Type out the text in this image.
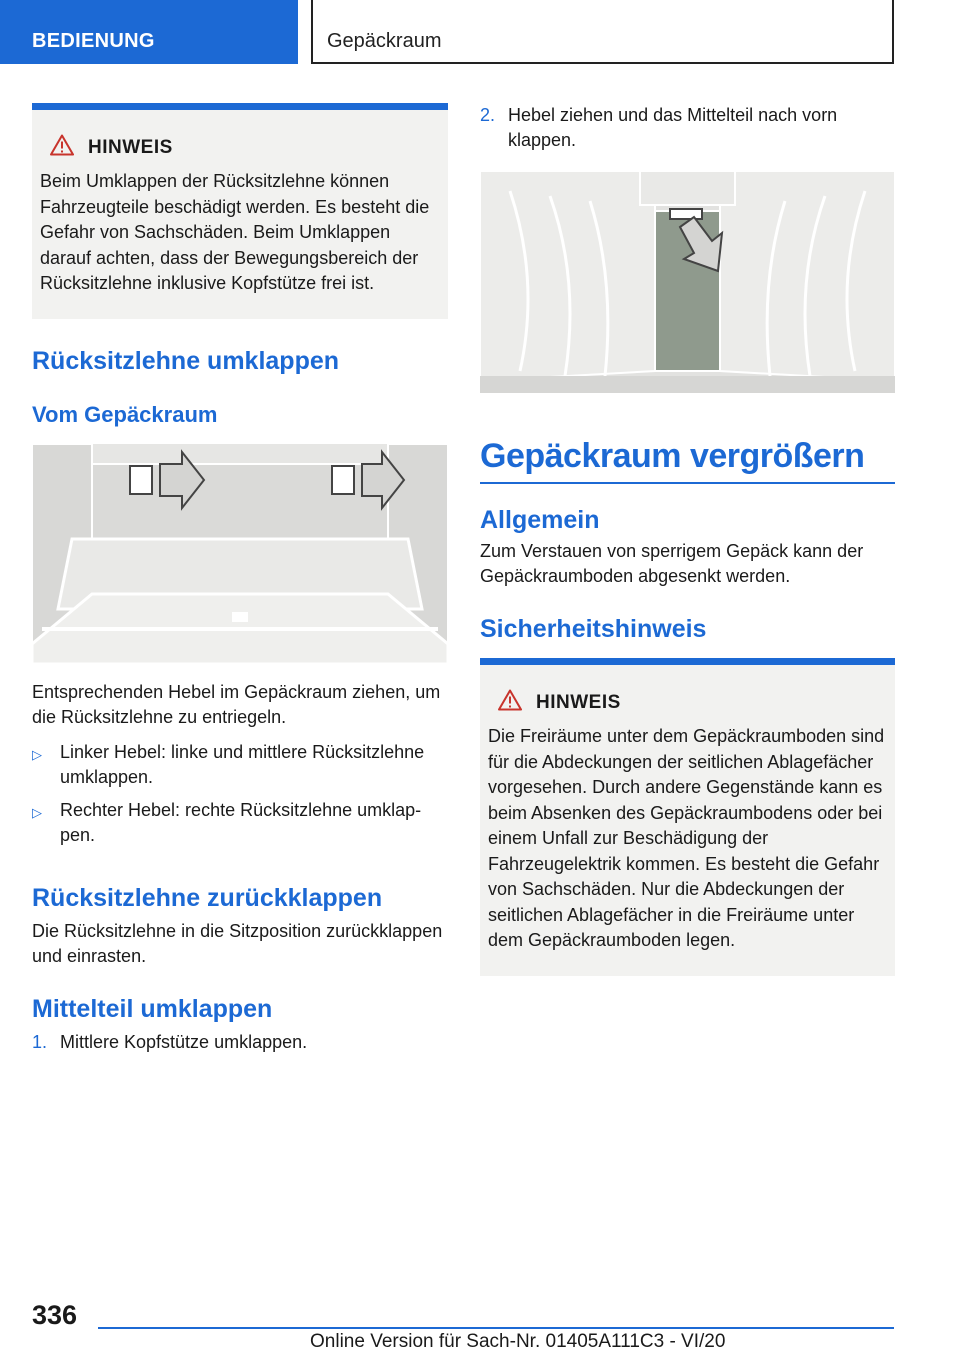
BEDIENUNG	Gepäckraum
HINWEIS

Beim Umklappen der Rücksitzlehne können Fahrzeugteile beschädigt werden. Es besteht die Gefahr von Sachschäden. Beim Umklappen darauf achten, dass der Bewegungsbereich der Rücksitzlehne inklusive Kopfstütze frei ist.

Rücksitzlehne umklappen
Vom Gepäckraum

Entsprechenden Hebel im Gepäckraum ziehen, um die Rücksitzlehne zu entriegeln.

▷	Linker Hebel: linke und mittlere Rücksitzlehne umklappen.
▷	Rechter Hebel: rechte Rücksitzlehne umklappen.
Rücksitzlehne zurückklappen

Die Rücksitzlehne in die Sitzposition zurückklappen und einrasten.

Mittelteil umklappen
1. Mittlere Kopfstütze umklappen.
2. Hebel ziehen und das Mittelteil nach vorn klappen.
Gepäckraum vergrößern
Allgemein

Zum Verstauen von sperrigem Gepäck kann der Gepäckraumboden abgesenkt werden.

Sicherheitshinweis
HINWEIS

Die Freiräume unter dem Gepäckraumboden sind für die Abdeckungen der seitlichen Ablagefächer vorgesehen. Durch andere Gegenstände kann es beim Absenken des Gepäckraumbodens oder bei einem Unfall zur Beschädigung der Fahrzeugelektrik kommen. Es besteht die Gefahr von Sachschäden. Nur die Abdeckungen der seitlichen Ablagefächer in die Freiräume unter dem Gepäckraumboden legen.

336
Online Version für Sach-Nr. 01405A111C3 - VI/20
